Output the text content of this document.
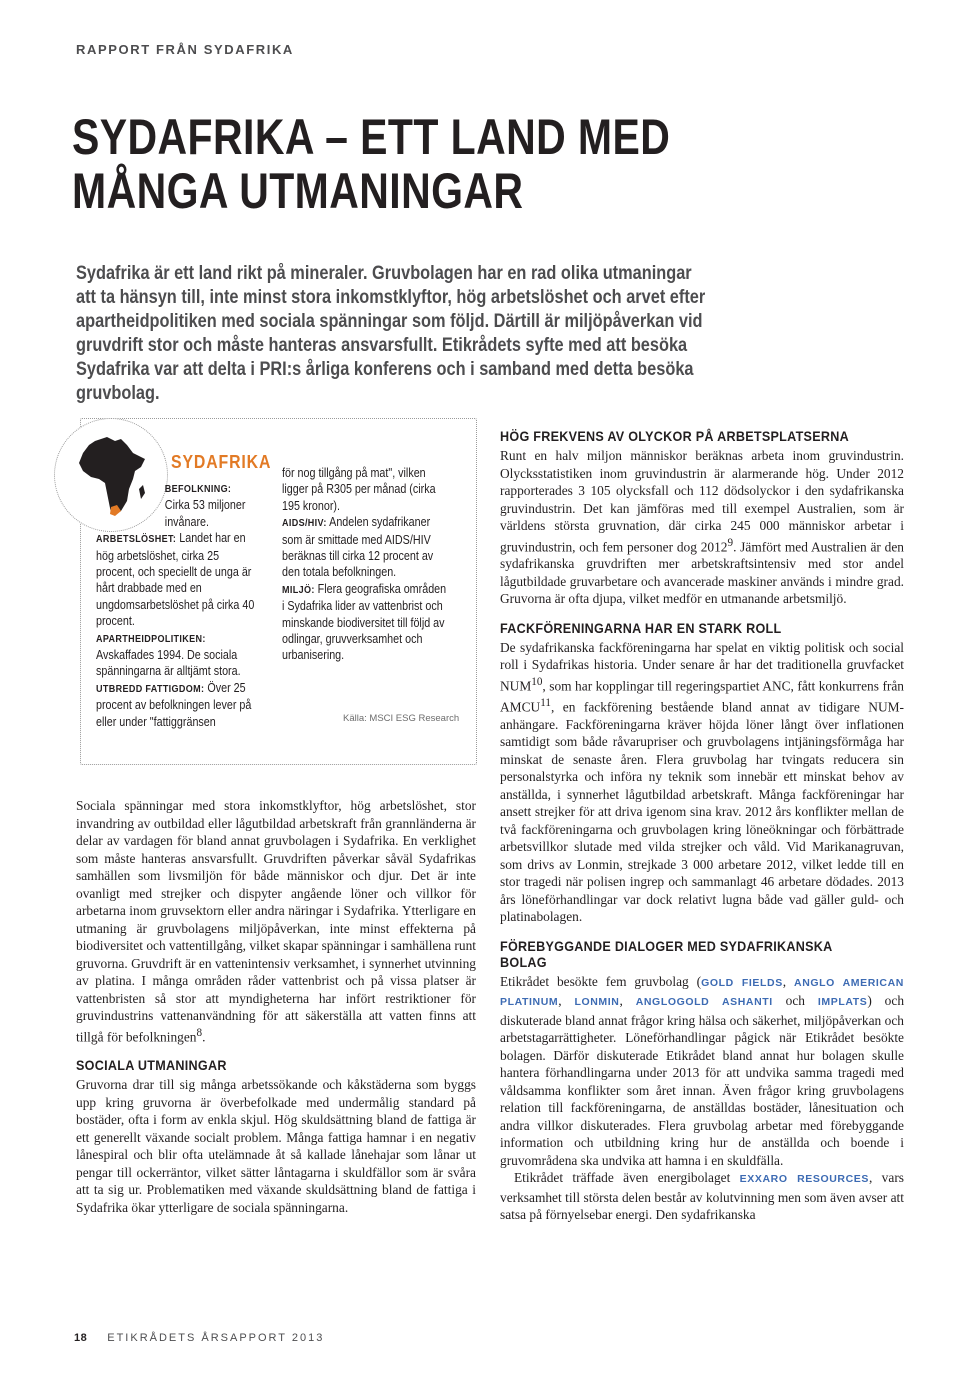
RAPPORT FRÅN SYDAFRIKA
SYDAFRIKA – ETT LAND MED
MÅNGA UTMANINGAR

Sydafrika är ett land rikt på mineraler. Gruvbolagen har en rad olika utmaningar att ta hänsyn till, inte minst stora inkomstklyftor, hög arbetslöshet och arvet efter apartheidpolitiken med sociala spänningar som följd. Därtill är miljöpåverkan vid gruvdrift stor och måste hanteras ansvarsfullt. Etikrådets syfte med att besöka Sydafrika var att delta i PRI:s årliga konferens och i samband med detta besöka gruvbolag.

SYDAFRIKA

BEFOLKNING:
Cirka 53 miljoner invånare.

ARBETSLÖSHET: Landet har en hög arbetslöshet, cirka 25 procent, och speciellt de unga är hårt drabbade med en ungdomsarbetslöshet på cirka 40 procent.

APARTHEIDPOLITIKEN:
Avskaffades 1994. De sociala spänningarna är alltjämt stora.

UTBREDD FATTIGDOM: Över 25 procent av befolkningen lever på eller under "fattiggränsen

för nog tillgång på mat", vilken ligger på R305 per månad (cirka 195 kronor).

AIDS/HIV: Andelen sydafrikaner som är smittade med AIDS/HIV beräknas till cirka 12 procent av den totala befolkningen.

MILJÖ: Flera geografiska områden i Sydafrika lider av vattenbrist och minskande biodiversitet till följd av odlingar, gruvverksamhet och urbanisering.

Källa: MSCI ESG Research

Sociala spänningar med stora inkomstklyftor, hög arbetslöshet, stor invandring av outbildad eller lågutbildad arbetskraft från grannländerna är delar av vardagen för bland annat gruvbolagen i Sydafrika. En verklighet som måste hanteras ansvarsfullt. Gruvdriften påverkar såväl Sydafrikas samhällen som livsmiljön för både människor och djur. Det är inte ovanligt med strejker och dispyter angående löner och villkor för arbetarna inom gruvsektorn eller andra näringar i Sydafrika. Ytterligare en utmaning är gruvbolagens miljöpåverkan, inte minst effekterna på biodiversitet och vattentillgång, vilket skapar spänningar i samhällena runt gruvorna. Gruvdrift är en vattenintensiv verksamhet, i synnerhet utvinning av platina. I många områden råder vattenbrist och på vissa platser är vattenbristen så stor att myndigheterna har infört restriktioner för gruvindustrins vattenanvändning för att säkerställa att vatten finns att tillgå för befolkningen$^8$.

SOCIALA UTMANINGAR

Gruvorna drar till sig många arbetssökande och kåkstäderna som byggs upp kring gruvorna är överbefolkade med undermålig standard på bostäder, ofta i form av enkla skjul. Hög skuldsättning bland de fattiga är ett generellt växande socialt problem. Många fattiga hamnar i en negativ lånespiral och blir ofta utelämnade åt så kallade lånehajar som lånar ut pengar till ockerräntor, vilket sätter låntagarna i skuldfällor som är svåra att ta sig ur. Problematiken med växande skuldsättning bland de fattiga i Sydafrika ökar ytterligare de sociala spänningarna.

HÖG FREKVENS AV OLYCKOR PÅ ARBETSPLATSERNA

Runt en halv miljon människor beräknas arbeta inom gruvindustrin. Olycksstatistiken inom gruvindustrin är alarmerande hög. Under 2012 rapporterades 3 105 olycksfall och 112 dödsolyckor i den sydafrikanska gruvindustrin. Det kan jämföras med till exempel Australien, som är världens största gruvnation, där cirka 245 000 människor arbetar i gruvindustrin, och fem personer dog 2012$^9$. Jämfört med Australien är den sydafrikanska gruvdriften mer arbetskraftsintensiv med stor andel lågutbildade gruvarbetare och avancerade maskiner används i mindre grad. Gruvorna är ofta djupa, vilket medför en utmanande arbetsmiljö.

FACKFÖRENINGARNA HAR EN STARK ROLL

De sydafrikanska fackföreningarna har spelat en viktig politisk och social roll i Sydafrikas historia. Under senare år har det traditionella gruvfacket NUM$^{10}$, som har kopplingar till regeringspartiet ANC, fått konkurrens från AMCU$^{11}$, en fackförening bestående bland annat av tidigare NUM-anhängare. Fackföreningarna kräver höjda löner långt över inflationen samtidigt som både råvarupriser och gruvbolagens intjäningsförmåga har minskat de senaste åren. Flera gruvbolag har tvingats reducera sin personalstyrka och införa ny teknik som innebär ett minskat behov av anställda, i synnerhet lågutbildad arbetskraft. Många fackföreningar har ansett strejker för att driva igenom sina krav. 2012 års konflikter mellan de två fackföreningarna och gruvbolagen kring löneökningar och förbättrade arbetsvillkor slutade med vilda strejker och våld. Vid Marikanagruvan, som drivs av Lonmin, strejkade 3 000 arbetare 2012, vilket ledde till en stor tragedi när polisen ingrep och sammanlagt 46 arbetare dödades. 2013 års löneförhandlingar var dock relativt lugna både vad gäller guld- och platinabolagen.

FÖREBYGGANDE DIALOGER MED SYDAFRIKANSKA BOLAG

Etikrådet besökte fem gruvbolag (GOLD FIELDS, ANGLO AMERICAN PLATINUM, LONMIN, ANGLOGOLD ASHANTI och IMPLATS) och diskuterade bland annat frågor kring hälsa och säkerhet, miljöpåverkan och arbetstagarrättigheter. Löneförhandlingar pågick när Etikrådet besökte bolagen. Därför diskuterade Etikrådet bland annat hur bolagen skulle hantera förhandlingarna under 2013 för att undvika samma tragedi med våldsamma konflikter som året innan. Även frågor kring gruvbolagens relation till fackföreningarna, de anställdas bostäder, lånesituation och andra villkor diskuterades. Flera gruvbolag arbetar med förebyggande information och utbildning kring hur de anställda och boende i gruvområdena ska undvika att hamna i en skuldfälla.

Etikrådet träffade även energibolaget EXXARO RESOURCES, vars verksamhet till största delen består av kolutvinning men som även avser att satsa på förnyelsebar energi. Den sydafrikanska

18 ETIKRÅDETS ÅRSAPPORT 2013
